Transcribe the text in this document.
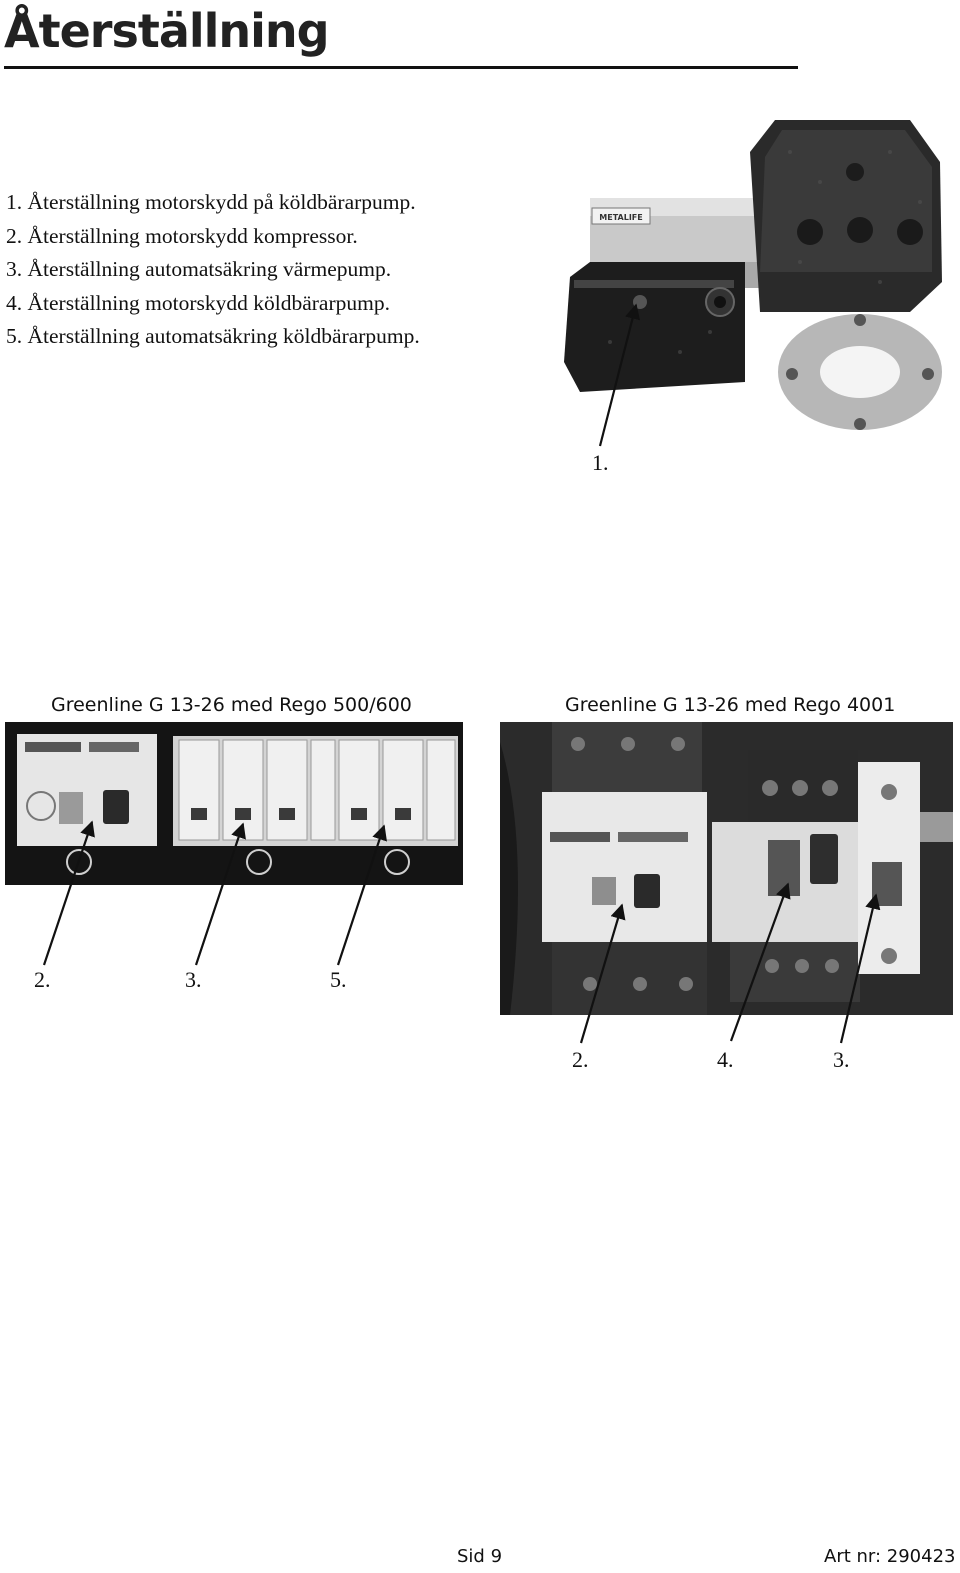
Återställning
1. Återställning motorskydd på köldbärarpump.
2. Återställning motorskydd kompressor.
3. Återställning automatsäkring värmepump.
4. Återställning motorskydd köldbärarpump.
5. Återställning automatsäkring köldbärarpump.
METALIFE
1.
Greenline G 13-26 med Rego 500/600
2.	3.	5.
Greenline G 13-26 med Rego 4001
2.	4.	3.
Sid 9	Art nr: 290423
